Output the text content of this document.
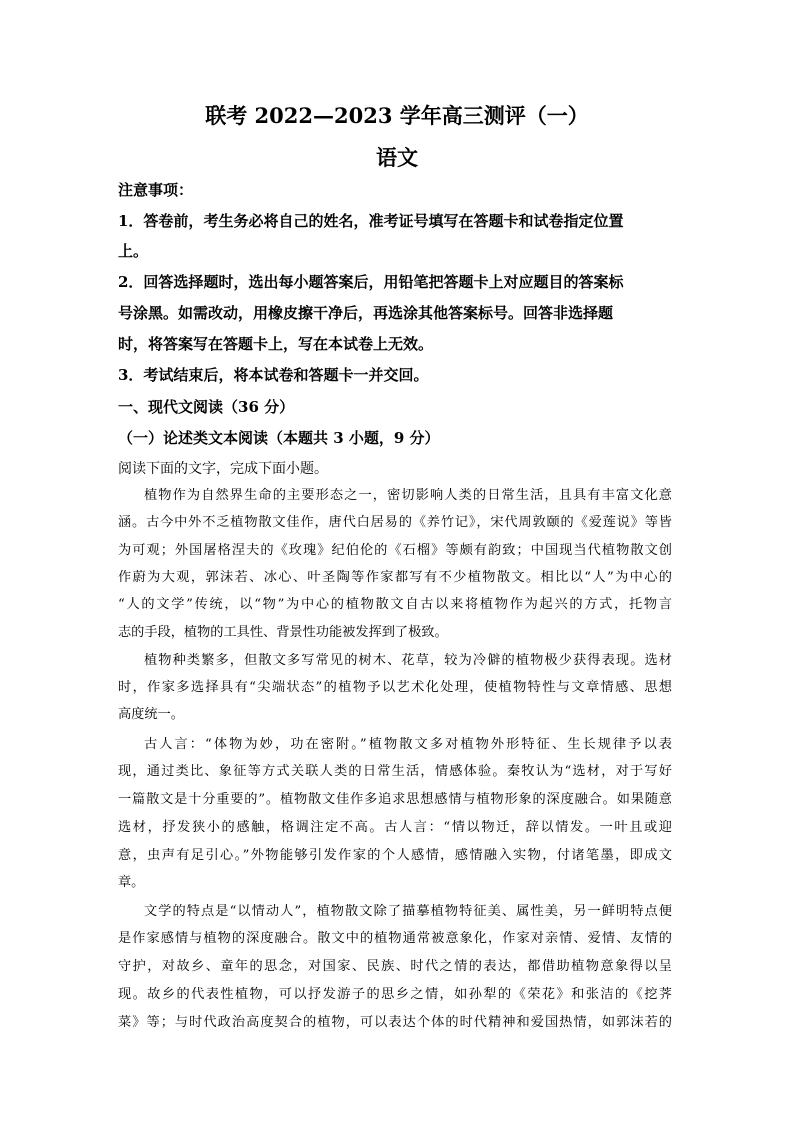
联考 2022—2023 学年高三测评（一）
语文
注意事项：
1．答卷前，考生务必将自己的姓名，准考证号填写在答题卡和试卷指定位置
上。
2．回答选择题时，选出每小题答案后，用铅笔把答题卡上对应题目的答案标
号涂黑。如需改动，用橡皮擦干净后，再选涂其他答案标号。回答非选择题
时，将答案写在答题卡上，写在本试卷上无效。
3．考试结束后，将本试卷和答题卡一并交回。
一、现代文阅读（36 分）
（一）论述类文本阅读（本题共 3 小题，9 分）
阅读下面的文字，完成下面小题。
植物作为自然界生命的主要形态之一，密切影响人类的日常生活，且具有丰富文化意
涵。古今中外不乏植物散文佳作，唐代白居易的《养竹记》，宋代周敦颐的《爱莲说》等皆
为可观；外国屠格涅夫的《玫瑰》纪伯伦的《石榴》等颇有韵致；中国现当代植物散文创
作蔚为大观，郭沫若、冰心、叶圣陶等作家都写有不少植物散文。相比以“人”为中心的
“人的文学”传统，以“物”为中心的植物散文自古以来将植物作为起兴的方式，托物言
志的手段，植物的工具性、背景性功能被发挥到了极致。
植物种类繁多，但散文多写常见的树木、花草，较为冷僻的植物极少获得表现。选材
时，作家多选择具有“尖端状态”的植物予以艺术化处理，使植物特性与文章情感、思想
高度统一。
古人言：“体物为妙，功在密附。”植物散文多对植物外形特征、生长规律予以表
现，通过类比、象征等方式关联人类的日常生活，情感体验。秦牧认为“选材，对于写好
一篇散文是十分重要的”。植物散文佳作多追求思想感情与植物形象的深度融合。如果随意
选材，抒发狭小的感触，格调注定不高。古人言：“情以物迁，辞以情发。一叶且或迎
意，虫声有足引心。”外物能够引发作家的个人感情，感情融入实物，付诸笔墨，即成文
章。
文学的特点是“以情动人”，植物散文除了描摹植物特征美、属性美，另一鲜明特点便
是作家感情与植物的深度融合。散文中的植物通常被意象化，作家对亲情、爱情、友情的
守护，对故乡、童年的思念，对国家、民族、时代之情的表达，都借助植物意象得以呈
现。故乡的代表性植物，可以抒发游子的思乡之情，如孙犁的《荣花》和张洁的《挖荠
菜》等；与时代政治高度契合的植物，可以表达个体的时代精神和爱国热情，如郭沫若的
